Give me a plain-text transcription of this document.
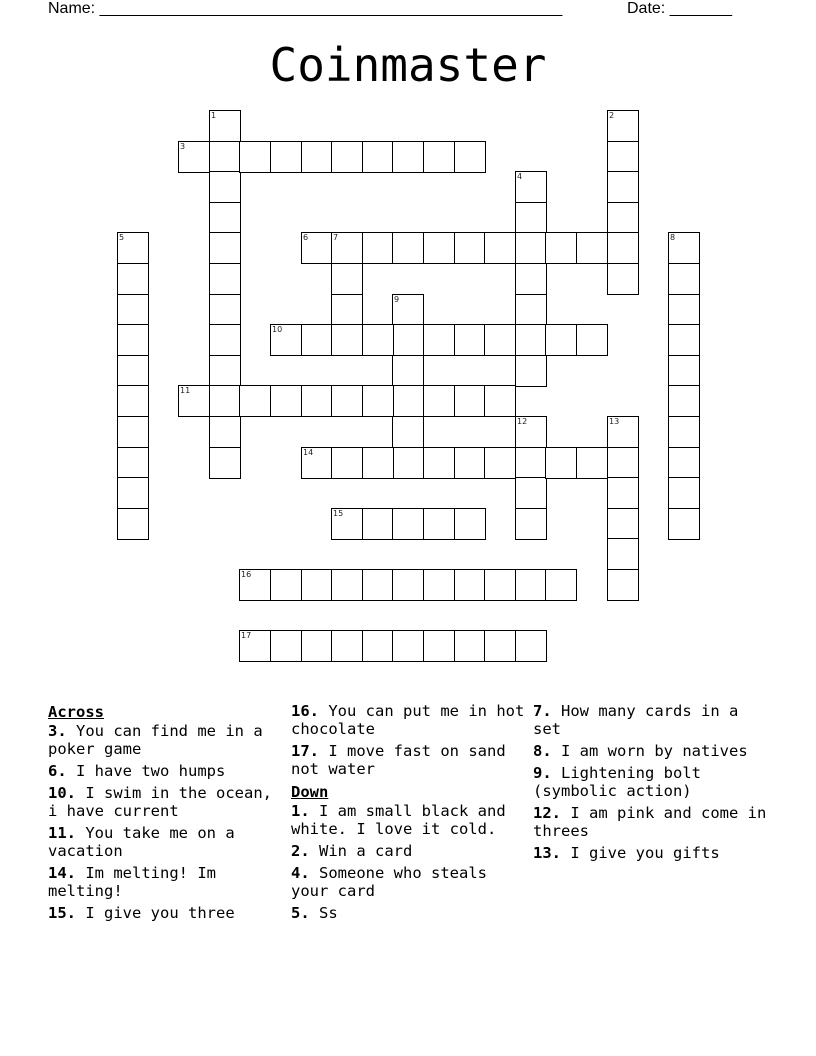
Name: ____________________________________________________	Date: _______
Coinmaster
1	2
3
4
5	6	7	8
9
10
11
12	13
14
15
16
17
Across
3. You can find me in a poker game
6. I have two humps
10. I swim in the ocean, i have current
11. You take me on a vacation
14. Im melting! Im melting!
15. I give you three
16. You can put me in hot chocolate
17. I move fast on sand not water
Down
1. I am small black and white. I love it cold.
2. Win a card
4. Someone who steals your card
5. Ss
7. How many cards in a set
8. I am worn by natives
9. Lightening bolt (symbolic action)
12. I am pink and come in threes
13. I give you gifts
